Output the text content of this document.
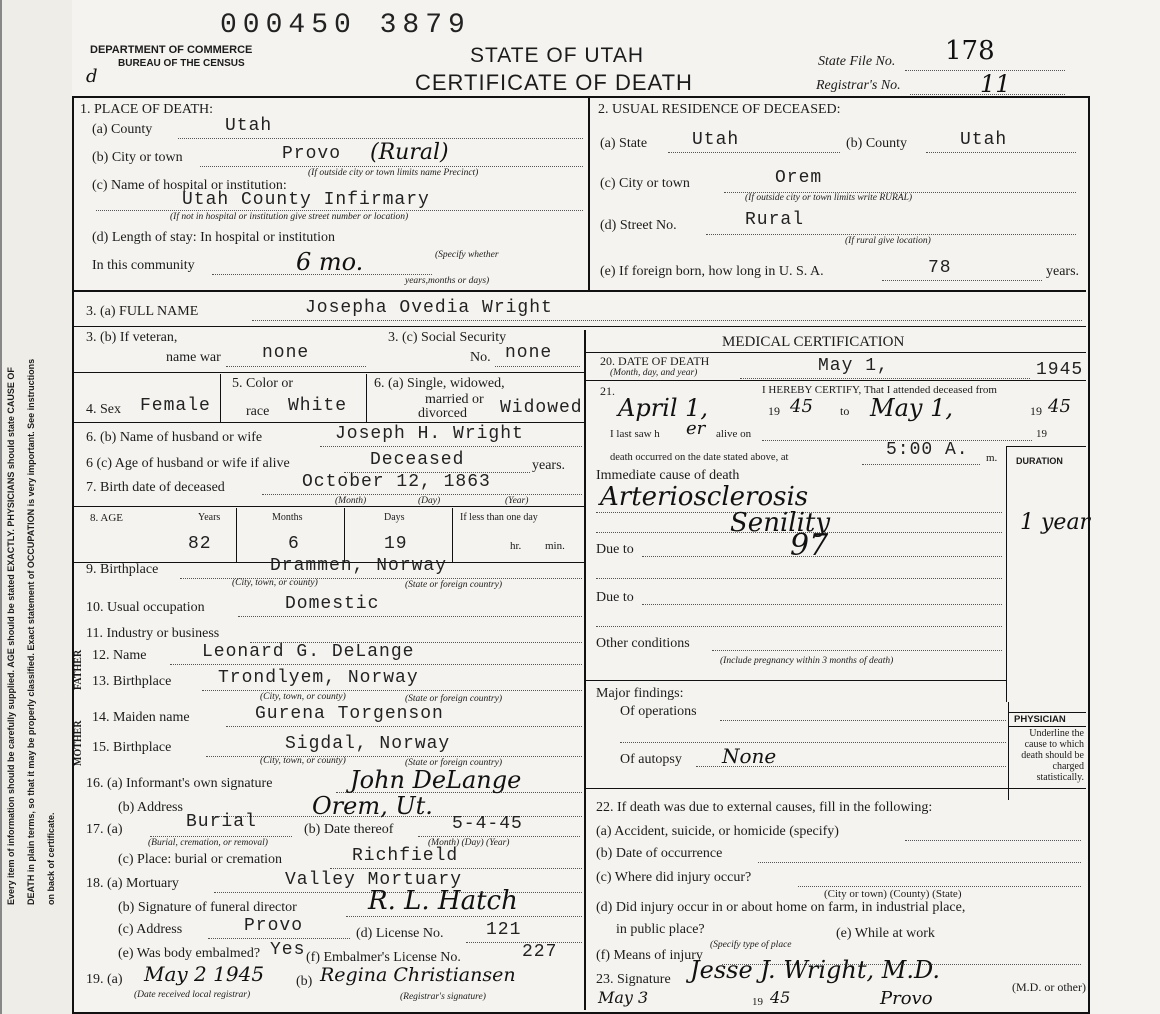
Every item of information should be carefully supplied. AGE should be stated EXACTLY. PHYSICIANS should state CAUSE OF DEATH in plain terms, so that it may be properly classified. Exact statement of OCCUPATION is very important. See instructions on back of certificate.
000450 3879
DEPARTMENT OF COMMERCE
BUREAU OF THE CENSUS
d
STATE OF UTAH
CERTIFICATE OF DEATH
State File No. 178
Registrar's No.	11
1. PLACE OF DEATH:
(a) County	Utah
(b) City or town	Provo (Rural)
(If outside city or town limits name Precinct)
(c) Name of hospital or institution:
Utah County Infirmary
(If not in hospital or institution give street number or location)
(d) Length of stay: In hospital or institution
In this community	6 mo.	(Specify whether
years,months or days)
2. USUAL RESIDENCE OF DECEASED:
(a) State Utah	(b) County	Utah
(c) City or town	Orem
(If outside city or town limits write RURAL)
(d) Street No.	Rural
(If rural give location)
(e) If foreign born, how long in U. S. A.	78	years.
3. (a) FULL NAME	Josepha Ovedia Wright
3. (b) If veteran,
name war none
3. (c) Social Security
No. none
4. Sex Female
5. Color or
race White
6. (a) Single, widowed,
married or
divorced Widowed
6. (b) Name of husband or wife	Joseph H. Wright
6 (c) Age of husband or wife if alive	Deceased	years.
7. Birth date of deceased	October 12, 1863
(Month)	(Day)	(Year)
8. AGE	Years	Months	Days	If less than one day
82	6	19	hr. min.
9. Birthplace	Drammen, Norway
(City, town, or county)	(State or foreign country)
10. Usual occupation	Domestic
11. Industry or business
FATHER
MOTHER
12. Name	Leonard G. DeLange
13. Birthplace	Trondlyem, Norway
(City, town, or county)	(State or foreign country)
14. Maiden name	Gurena Torgenson
15. Birthplace	Sigdal, Norway
(City, town, or county)	(State or foreign country)
16. (a) Informant's own signature	John DeLange
(b) Address	Orem, Ut.
17. (a)	Burial
(Burial, cremation, or removal)
(b) Date thereof	5-4-45
(Month) (Day) (Year)
(c) Place: burial or cremation	Richfield
18. (a) Mortuary	Valley Mortuary
(b) Signature of funeral director	R. L. Hatch
(c) Address	Provo	(d) License No. 121
(e) Was body embalmed? Yes (f) Embalmer's License No.	227
19. (a) May 2 1945
(Date received local registrar)
(b) Regina Christiansen
(Registrar's signature)
MEDICAL CERTIFICATION
20. DATE OF DEATH
(Month, day, and year)	May 1,	1945
21.	I HEREBY CERTIFY, That I attended deceased from
April 1,	19 45 to May 1,	19 45
I last saw h er alive on	19
death occurred on the date stated above, at	5:00 A. m. DURATION
Immediate cause of death
Arteriosclerosis
Senility	1 year
Due to	97
Due to
Other conditions
(Include pregnancy within 3 months of death)
Major findings:
Of operations
Of autopsy None
PHYSICIAN
Underline the cause to which death should be charged statistically.
22. If death was due to external causes, fill in the following:
(a) Accident, suicide, or homicide (specify)
(b) Date of occurrence
(c) Where did injury occur?
(City or town) (County) (State)
(d) Did injury occur in or about home on farm, in industrial place,
in public place?
(Specify type of place
(e) While at work
(f) Means of injury
23. Signature Jesse J. Wright, M.D.
(M.D. or other)
May 3	19 45	Provo
